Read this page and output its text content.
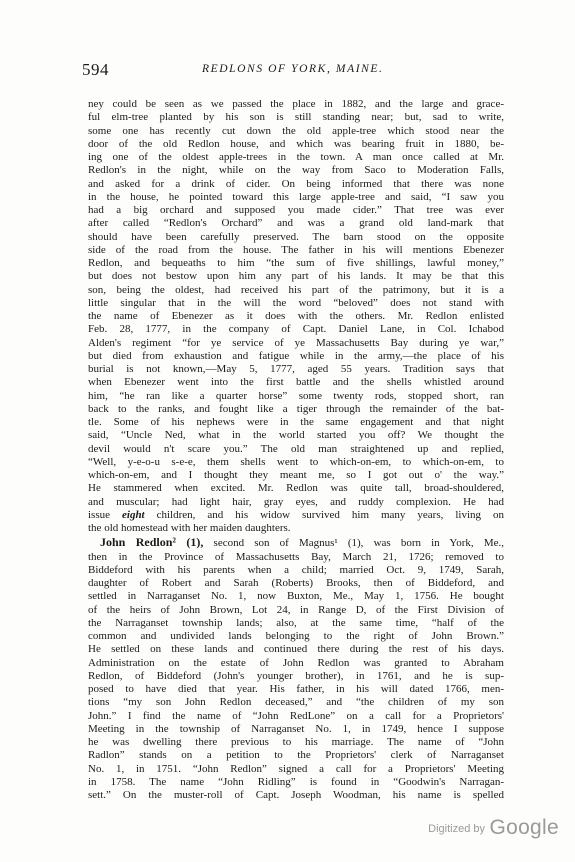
594	REDLONS OF YORK, MAINE.
ney could be seen as we passed the place in 1882, and the large and grace-
ful elm-tree planted by his son is still standing near; but, sad to write,
some one has recently cut down the old apple-tree which stood near the
door of the old Redlon house, and which was bearing fruit in 1880, be-
ing one of the oldest apple-trees in the town. A man once called at Mr.
Redlon's in the night, while on the way from Saco to Moderation Falls,
and asked for a drink of cider. On being informed that there was none
in the house, he pointed toward this large apple-tree and said, “I saw you
had a big orchard and supposed you made cider.” That tree was ever
after called “Redlon's Orchard” and was a grand old land-mark that
should have been carefully preserved. The barn stood on the opposite
side of the road from the house. The father in his will mentions Ebenezer
Redlon, and bequeaths to him “the sum of five shillings, lawful money,”
but does not bestow upon him any part of his lands. It may be that this
son, being the oldest, had received his part of the patrimony, but it is a
little singular that in the will the word “beloved” does not stand with
the name of Ebenezer as it does with the others. Mr. Redlon enlisted
Feb. 28, 1777, in the company of Capt. Daniel Lane, in Col. Ichabod
Alden's regiment “for ye service of ye Massachusetts Bay during ye war,”
but died from exhaustion and fatigue while in the army,—the place of his
burial is not known,—May 5, 1777, aged 55 years. Tradition says that
when Ebenezer went into the first battle and the shells whistled around
him, “he ran like a quarter horse” some twenty rods, stopped short, ran
back to the ranks, and fought like a tiger through the remainder of the bat-
tle. Some of his nephews were in the same engagement and that night
said, “Uncle Ned, what in the world started you off? We thought the
devil would n't scare you.” The old man straightened up and replied,
“Well, y-e-o-u s-e-e, them shells went to which-on-em, to which-on-em, to
which-on-em, and I thought they meant me, so I got out o' the way.”
He stammered when excited. Mr. Redlon was quite tall, broad-shouldered,
and muscular; had light hair, gray eyes, and ruddy complexion. He had
issue eight children, and his widow survived him many years, living on
the old homestead with her maiden daughters.
John Redlon² (1), second son of Magnus¹ (1), was born in York, Me.,
then in the Province of Massachusetts Bay, March 21, 1726; removed to
Biddeford with his parents when a child; married Oct. 9, 1749, Sarah,
daughter of Robert and Sarah (Roberts) Brooks, then of Biddeford, and
settled in Narraganset No. 1, now Buxton, Me., May 1, 1756. He bought
of the heirs of John Brown, Lot 24, in Range D, of the First Division of
the Narraganset township lands; also, at the same time, “half of the
common and undivided lands belonging to the right of John Brown.”
He settled on these lands and continued there during the rest of his days.
Administration on the estate of John Redlon was granted to Abraham
Redlon, of Biddeford (John's younger brother), in 1761, and he is sup-
posed to have died that year. His father, in his will dated 1766, men-
tions “my son John Redlon deceased,” and “the children of my son
John.” I find the name of “John RedLone” on a call for a Proprietors'
Meeting in the township of Narraganset No. 1, in 1749, hence I suppose
he was dwelling there previous to his marriage. The name of “John
Radlon” stands on a petition to the Proprietors' clerk of Narraganset
No. 1, in 1751. “John Redlon” signed a call for a Proprietors' Meeting
in 1758. The name “John Ridling” is found in “Goodwin's Narragan-
sett.” On the muster-roll of Capt. Joseph Woodman, his name is spelled
Digitized by Google
